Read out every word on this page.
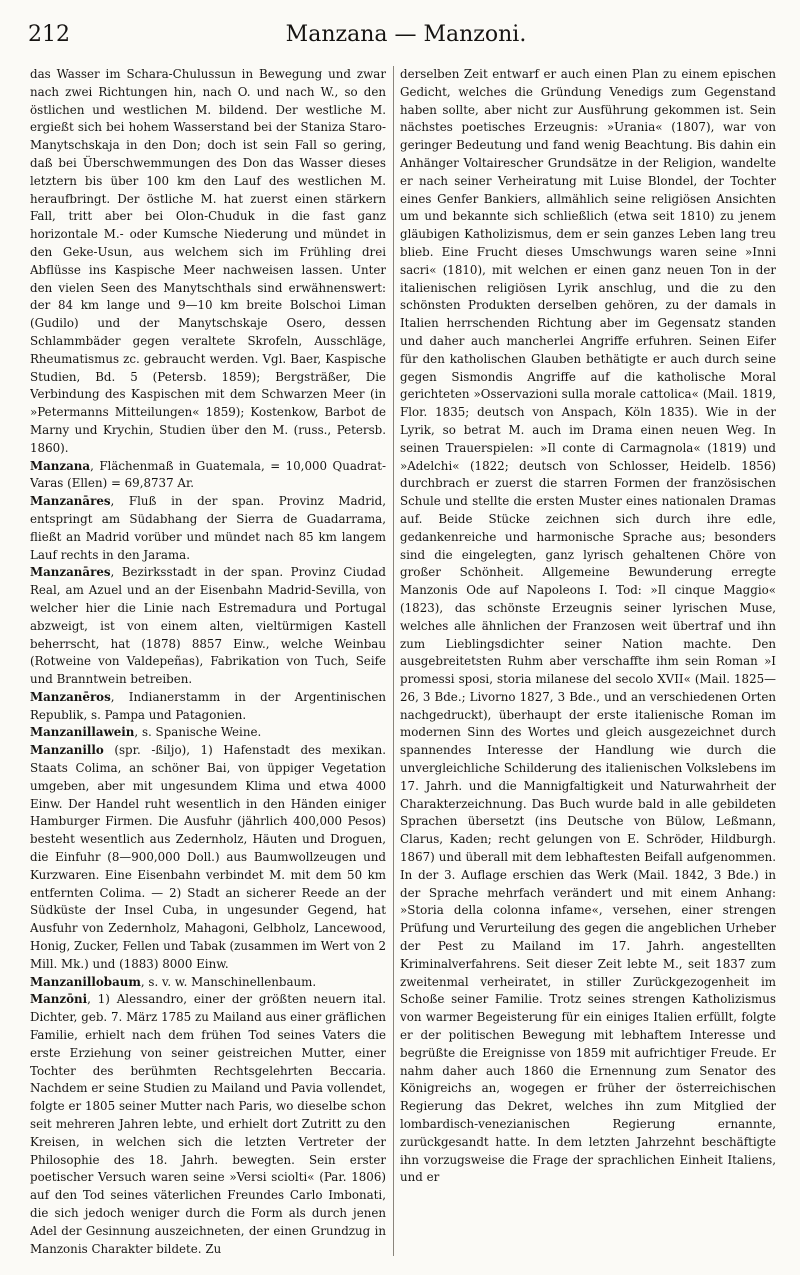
212	Manzana — Manzoni.

das Wasser im Schara-Chulussun in Bewegung und zwar nach zwei Richtungen hin, nach O. und nach W., so den östlichen und westlichen M. bildend. Der westliche M. ergießt sich bei hohem Wasserstand bei der Staniza Staro-Manytschskaja in den Don; doch ist sein Fall so gering, daß bei Überschwemmungen des Don das Wasser dieses letztern bis über 100 km den Lauf des westlichen M. heraufbringt. Der östliche M. hat zuerst einen stärkern Fall, tritt aber bei Olon-Chuduk in die fast ganz horizontale M.- oder Kumsche Niederung und mündet in den Geke-Usun, aus welchem sich im Frühling drei Abflüsse ins Kaspische Meer nachweisen lassen. Unter den vielen Seen des Manytschthals sind erwähnenswert: der 84 km lange und 9—10 km breite Bolschoi Liman (Gudilo) und der Manytschskaje Osero, dessen Schlammbäder gegen veraltete Skrofeln, Ausschläge, Rheumatismus zc. gebraucht werden. Vgl. Baer, Kaspische Studien, Bd. 5 (Petersb. 1859); Bergsträßer, Die Verbindung des Kaspischen mit dem Schwarzen Meer (in »Petermanns Mitteilungen« 1859); Kostenkow, Barbot de Marny und Krychin, Studien über den M. (russ., Petersb. 1860).

Manzana, Flächenmaß in Guatemala, = 10,000 Quadrat-Varas (Ellen) = 69,8737 Ar.

Manzanāres, Fluß in der span. Provinz Madrid, entspringt am Südabhang der Sierra de Guadarrama, fließt an Madrid vorüber und mündet nach 85 km langem Lauf rechts in den Jarama.

Manzanāres, Bezirksstadt in der span. Provinz Ciudad Real, am Azuel und an der Eisenbahn Madrid-Sevilla, von welcher hier die Linie nach Estremadura und Portugal abzweigt, ist von einem alten, vieltürmigen Kastell beherrscht, hat (1878) 8857 Einw., welche Weinbau (Rotweine von Valdepeñas), Fabrikation von Tuch, Seife und Branntwein betreiben.

Manzanēros, Indianerstamm in der Argentinischen Republik, s. Pampa und Patagonien.

Manzanillawein, s. Spanische Weine.

Manzanillo (spr. -ßiljo), 1) Hafenstadt des mexikan. Staats Colima, an schöner Bai, von üppiger Vegetation umgeben, aber mit ungesundem Klima und etwa 4000 Einw. Der Handel ruht wesentlich in den Händen einiger Hamburger Firmen. Die Ausfuhr (jährlich 400,000 Pesos) besteht wesentlich aus Zedernholz, Häuten und Droguen, die Einfuhr (8—900,000 Doll.) aus Baumwollzeugen und Kurzwaren. Eine Eisenbahn verbindet M. mit dem 50 km entfernten Colima. — 2) Stadt an sicherer Reede an der Südküste der Insel Cuba, in ungesunder Gegend, hat Ausfuhr von Zedernholz, Mahagoni, Gelbholz, Lancewood, Honig, Zucker, Fellen und Tabak (zusammen im Wert von 2 Mill. Mk.) und (1883) 8000 Einw.

Manzanillobaum, s. v. w. Manschinellenbaum.

Manzōni, 1) Alessandro, einer der größten neuern ital. Dichter, geb. 7. März 1785 zu Mailand aus einer gräflichen Familie, erhielt nach dem frühen Tod seines Vaters die erste Erziehung von seiner geistreichen Mutter, einer Tochter des berühmten Rechtsgelehrten Beccaria. Nachdem er seine Studien zu Mailand und Pavia vollendet, folgte er 1805 seiner Mutter nach Paris, wo dieselbe schon seit mehreren Jahren lebte, und erhielt dort Zutritt zu den Kreisen, in welchen sich die letzten Vertreter der Philosophie des 18. Jahrh. bewegten. Sein erster poetischer Versuch waren seine »Versi sciolti« (Par. 1806) auf den Tod seines väterlichen Freundes Carlo Imbonati, die sich jedoch weniger durch die Form als durch jenen Adel der Gesinnung auszeichneten, der einen Grundzug in Manzonis Charakter bildete. Zu

derselben Zeit entwarf er auch einen Plan zu einem epischen Gedicht, welches die Gründung Venedigs zum Gegenstand haben sollte, aber nicht zur Ausführung gekommen ist. Sein nächstes poetisches Erzeugnis: »Urania« (1807), war von geringer Bedeutung und fand wenig Beachtung. Bis dahin ein Anhänger Voltairescher Grundsätze in der Religion, wandelte er nach seiner Verheiratung mit Luise Blondel, der Tochter eines Genfer Bankiers, allmählich seine religiösen Ansichten um und bekannte sich schließlich (etwa seit 1810) zu jenem gläubigen Katholizismus, dem er sein ganzes Leben lang treu blieb. Eine Frucht dieses Umschwungs waren seine »Inni sacri« (1810), mit welchen er einen ganz neuen Ton in der italienischen religiösen Lyrik anschlug, und die zu den schönsten Produkten derselben gehören, zu der damals in Italien herrschenden Richtung aber im Gegensatz standen und daher auch mancherlei Angriffe erfuhren. Seinen Eifer für den katholischen Glauben bethätigte er auch durch seine gegen Sismondis Angriffe auf die katholische Moral gerichteten »Osservazioni sulla morale cattolica« (Mail. 1819, Flor. 1835; deutsch von Anspach, Köln 1835). Wie in der Lyrik, so betrat M. auch im Drama einen neuen Weg. In seinen Trauerspielen: »Il conte di Carmagnola« (1819) und »Adelchi« (1822; deutsch von Schlosser, Heidelb. 1856) durchbrach er zuerst die starren Formen der französischen Schule und stellte die ersten Muster eines nationalen Dramas auf. Beide Stücke zeichnen sich durch ihre edle, gedankenreiche und harmonische Sprache aus; besonders sind die eingelegten, ganz lyrisch gehaltenen Chöre von großer Schönheit. Allgemeine Bewunderung erregte Manzonis Ode auf Napoleons I. Tod: »Il cinque Maggio« (1823), das schönste Erzeugnis seiner lyrischen Muse, welches alle ähnlichen der Franzosen weit übertraf und ihn zum Lieblingsdichter seiner Nation machte. Den ausgebreitetsten Ruhm aber verschaffte ihm sein Roman »I promessi sposi, storia milanese del secolo XVII« (Mail. 1825—26, 3 Bde.; Livorno 1827, 3 Bde., und an verschiedenen Orten nachgedruckt), überhaupt der erste italienische Roman im modernen Sinn des Wortes und gleich ausgezeichnet durch spannendes Interesse der Handlung wie durch die unvergleichliche Schilderung des italienischen Volkslebens im 17. Jahrh. und die Mannigfaltigkeit und Naturwahrheit der Charakterzeichnung. Das Buch wurde bald in alle gebildeten Sprachen übersetzt (ins Deutsche von Bülow, Leßmann, Clarus, Kaden; recht gelungen von E. Schröder, Hildburgh. 1867) und überall mit dem lebhaftesten Beifall aufgenommen. In der 3. Auflage erschien das Werk (Mail. 1842, 3 Bde.) in der Sprache mehrfach verändert und mit einem Anhang: »Storia della colonna infame«, versehen, einer strengen Prüfung und Verurteilung des gegen die angeblichen Urheber der Pest zu Mailand im 17. Jahrh. angestellten Kriminalverfahrens. Seit dieser Zeit lebte M., seit 1837 zum zweitenmal verheiratet, in stiller Zurückgezogenheit im Schoße seiner Familie. Trotz seines strengen Katholizismus von warmer Begeisterung für ein einiges Italien erfüllt, folgte er der politischen Bewegung mit lebhaftem Interesse und begrüßte die Ereignisse von 1859 mit aufrichtiger Freude. Er nahm daher auch 1860 die Ernennung zum Senator des Königreichs an, wogegen er früher der österreichischen Regierung das Dekret, welches ihn zum Mitglied der lombardisch-venezianischen Regierung ernannte, zurückgesandt hatte. In dem letzten Jahrzehnt beschäftigte ihn vorzugsweise die Frage der sprachlichen Einheit Italiens, und er
